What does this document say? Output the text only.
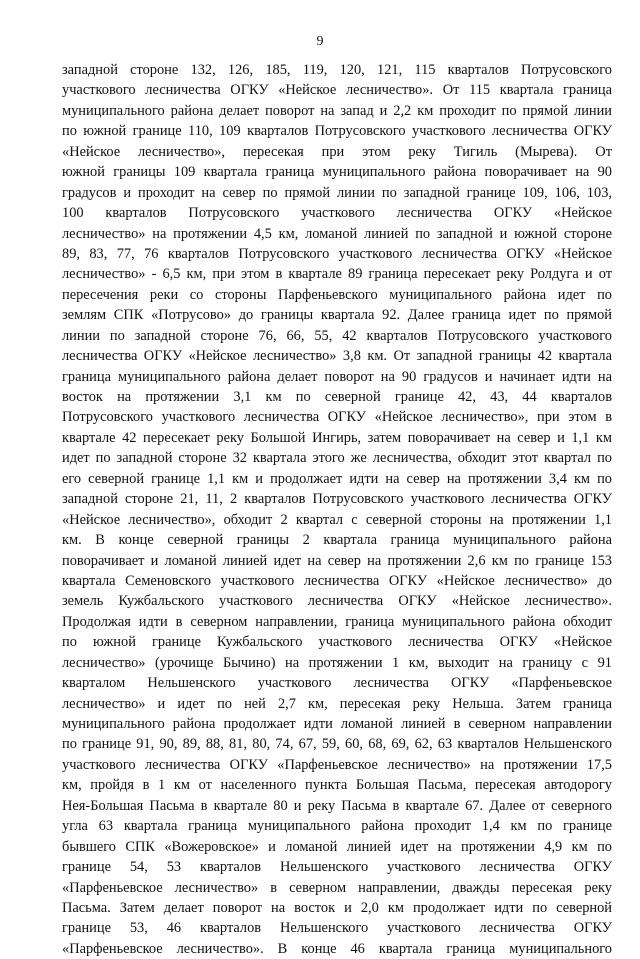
9
западной стороне 132, 126, 185, 119, 120, 121, 115 кварталов Потрусовского
участкового лесничества ОГКУ «Нейское лесничество». От 115 квартала граница
муниципального района делает поворот на запад и 2,2 км проходит по прямой линии
по южной границе 110, 109 кварталов Потрусовского участкового лесничества ОГКУ
«Нейское лесничество», пересекая при этом реку Тигиль (Мырева). От
южной границы 109 квартала граница муниципального района поворачивает на 90
градусов и проходит на север по прямой линии по западной границе 109, 106, 103,
100 кварталов Потрусовского участкового лесничества ОГКУ «Нейское
лесничество» на протяжении 4,5 км, ломаной линией по западной и южной стороне
89, 83, 77, 76 кварталов Потрусовского участкового лесничества ОГКУ «Нейское
лесничество» - 6,5 км, при этом в квартале 89 граница пересекает реку Ролдуга и от
пересечения реки со стороны Парфеньевского муниципального района идет по
землям СПК «Потрусово» до границы квартала 92. Далее граница идет по прямой
линии по западной стороне 76, 66, 55, 42 кварталов Потрусовского участкового
лесничества ОГКУ «Нейское лесничество» 3,8 км. От западной границы 42 квартала
граница муниципального района делает поворот на 90 градусов и начинает идти на
восток на протяжении 3,1 км по северной границе 42, 43, 44 кварталов
Потрусовского участкового лесничества ОГКУ «Нейское лесничество», при этом в
квартале 42 пересекает реку Большой Ингирь, затем поворачивает на север и 1,1 км
идет по западной стороне 32 квартала этого же лесничества, обходит этот квартал по
его северной границе 1,1 км и продолжает идти на север на протяжении 3,4 км по
западной стороне 21, 11, 2 кварталов Потрусовского участкового лесничества ОГКУ
«Нейское лесничество», обходит 2 квартал с северной стороны на протяжении 1,1
км. В конце северной границы 2 квартала граница муниципального района
поворачивает и ломаной линией идет на север на протяжении 2,6 км по границе 153
квартала Семеновского участкового лесничества ОГКУ «Нейское лесничество» до
земель Кужбальского участкового лесничества ОГКУ «Нейское лесничество».
Продолжая идти в северном направлении, граница муниципального района обходит
по южной границе Кужбальского участкового лесничества ОГКУ «Нейское
лесничество» (урочище Бычино) на протяжении 1 км, выходит на границу с 91
кварталом Нельшенского участкового лесничества ОГКУ «Парфеньевское
лесничество» и идет по ней 2,7 км, пересекая реку Нельша. Затем граница
муниципального района продолжает идти ломаной линией в северном направлении
по границе 91, 90, 89, 88, 81, 80, 74, 67, 59, 60, 68, 69, 62, 63 кварталов Нельшенского
участкового лесничества ОГКУ «Парфеньевское лесничество» на протяжении 17,5
км, пройдя в 1 км от населенного пункта Большая Пасьма, пересекая автодорогу
Нея-Большая Пасьма в квартале 80 и реку Пасьма в квартале 67. Далее от северного
угла 63 квартала граница муниципального района проходит 1,4 км по границе
бывшего СПК «Вожеровское» и ломаной линией идет на протяжении 4,9 км по
границе 54, 53 кварталов Нельшенского участкового лесничества ОГКУ
«Парфеньевское лесничество» в северном направлении, дважды пересекая реку
Пасьма. Затем делает поворот на восток и 2,0 км продолжает идти по северной
границе 53, 46 кварталов Нельшенского участкового лесничества ОГКУ
«Парфеньевское лесничество». В конце 46 квартала граница муниципального
